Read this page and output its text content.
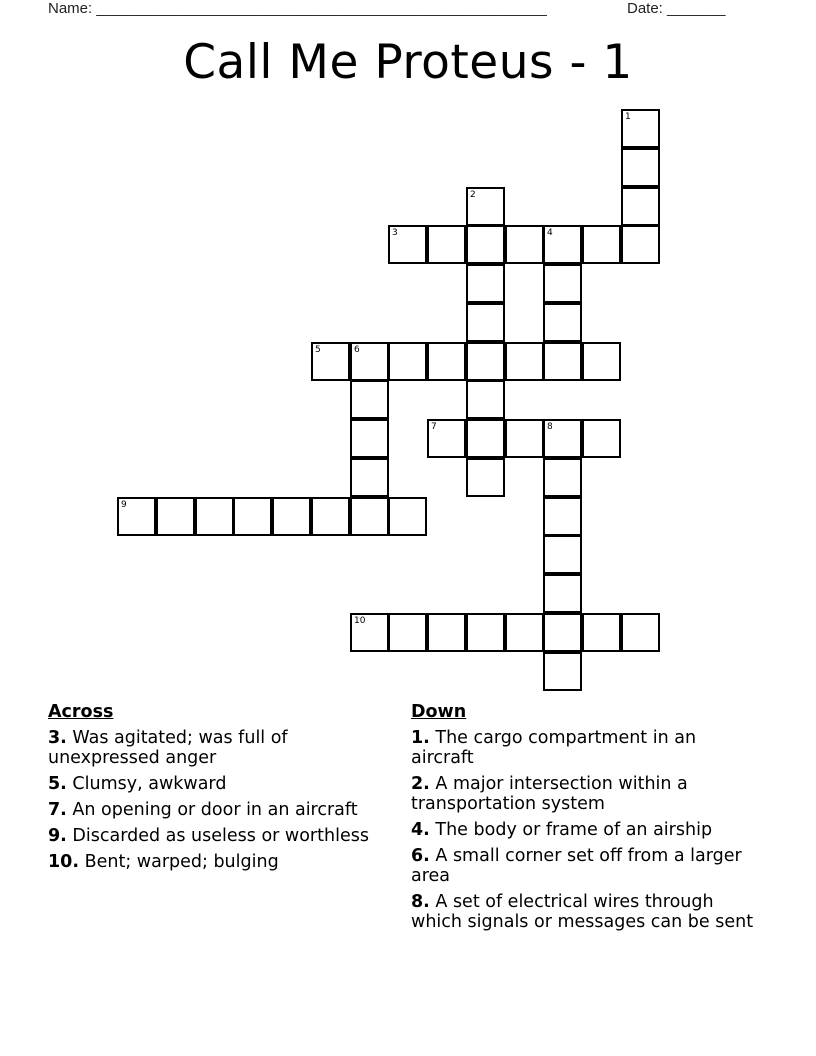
Name: ______________________________________________________	Date: _______
Call Me Proteus - 1
1
2
3	4
5	6
7	8
9
10
Across
3. Was agitated; was full of unexpressed anger
5. Clumsy, awkward
7. An opening or door in an aircraft
9. Discarded as useless or worthless
10. Bent; warped; bulging
Down
1. The cargo compartment in an aircraft
2. A major intersection within a transportation system
4. The body or frame of an airship
6. A small corner set off from a larger area
8. A set of electrical wires through which signals or messages can be sent
